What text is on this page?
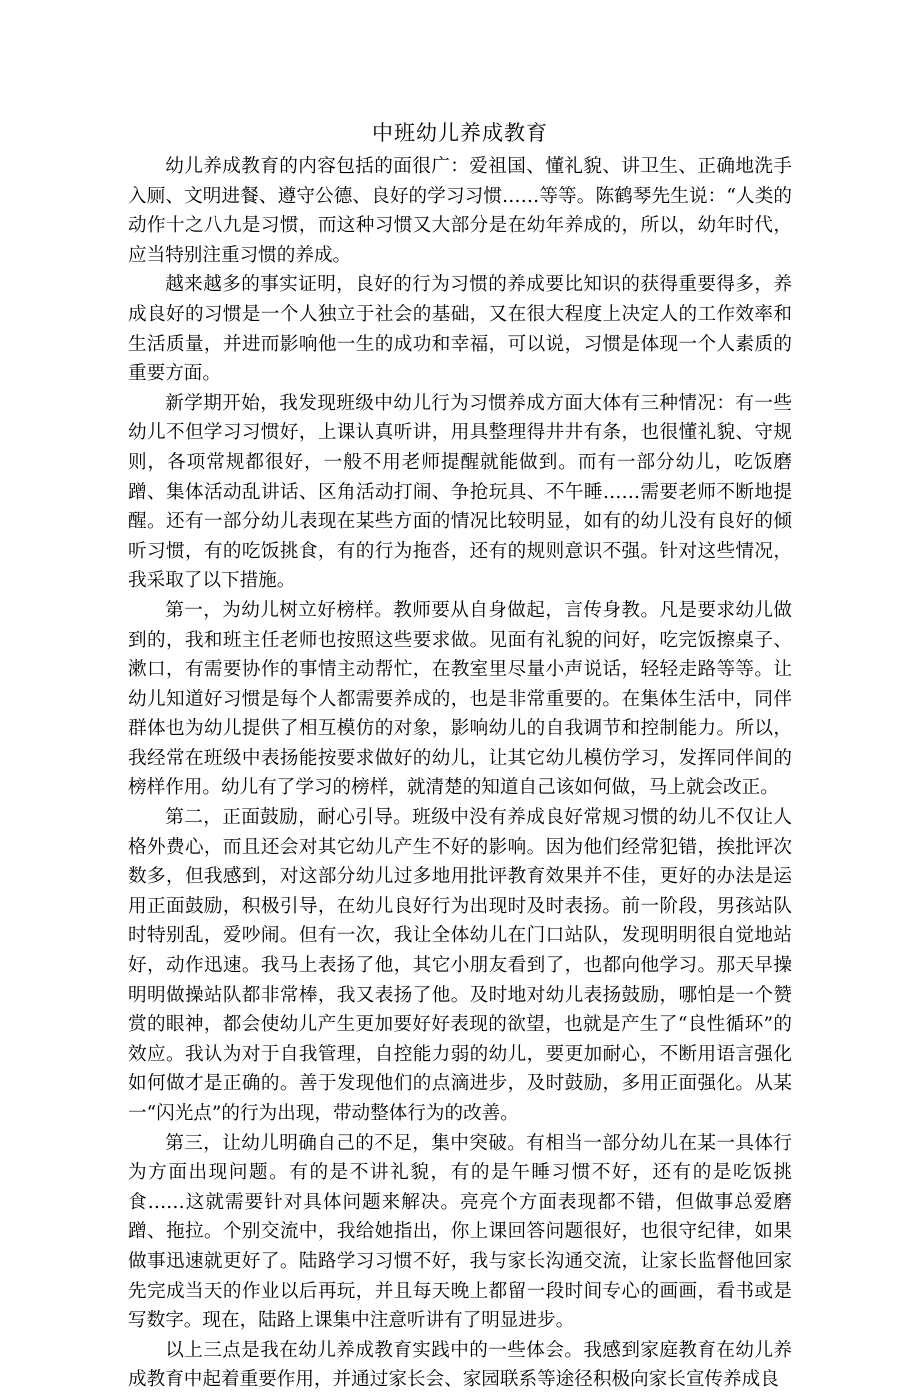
中班幼儿养成教育

幼儿养成教育的内容包括的面很广：爱祖国、懂礼貌、讲卫生、正确地洗手入厕、文明进餐、遵守公德、良好的学习习惯……等等。陈鹤琴先生说：“人类的动作十之八九是习惯，而这种习惯又大部分是在幼年养成的，所以，幼年时代，应当特别注重习惯的养成。

越来越多的事实证明，良好的行为习惯的养成要比知识的获得重要得多，养成良好的习惯是一个人独立于社会的基础，又在很大程度上决定人的工作效率和生活质量，并进而影响他一生的成功和幸福，可以说，习惯是体现一个人素质的重要方面。

新学期开始，我发现班级中幼儿行为习惯养成方面大体有三种情况：有一些幼儿不但学习习惯好，上课认真听讲，用具整理得井井有条，也很懂礼貌、守规则，各项常规都很好，一般不用老师提醒就能做到。而有一部分幼儿，吃饭磨蹭、集体活动乱讲话、区角活动打闹、争抢玩具、不午睡……需要老师不断地提醒。还有一部分幼儿表现在某些方面的情况比较明显，如有的幼儿没有良好的倾听习惯，有的吃饭挑食，有的行为拖沓，还有的规则意识不强。针对这些情况，我采取了以下措施。

第一，为幼儿树立好榜样。教师要从自身做起，言传身教。凡是要求幼儿做到的，我和班主任老师也按照这些要求做。见面有礼貌的问好，吃完饭擦桌子、漱口，有需要协作的事情主动帮忙，在教室里尽量小声说话，轻轻走路等等。让幼儿知道好习惯是每个人都需要养成的，也是非常重要的。在集体生活中，同伴群体也为幼儿提供了相互模仿的对象，影响幼儿的自我调节和控制能力。所以，我经常在班级中表扬能按要求做好的幼儿，让其它幼儿模仿学习，发挥同伴间的榜样作用。幼儿有了学习的榜样，就清楚的知道自己该如何做，马上就会改正。

第二，正面鼓励，耐心引导。班级中没有养成良好常规习惯的幼儿不仅让人格外费心，而且还会对其它幼儿产生不好的影响。因为他们经常犯错，挨批评次数多，但我感到，对这部分幼儿过多地用批评教育效果并不佳，更好的办法是运用正面鼓励，积极引导，在幼儿良好行为出现时及时表扬。前一阶段，男孩站队时特别乱，爱吵闹。但有一次，我让全体幼儿在门口站队，发现明明很自觉地站好，动作迅速。我马上表扬了他，其它小朋友看到了，也都向他学习。那天早操明明做操站队都非常棒，我又表扬了他。及时地对幼儿表扬鼓励，哪怕是一个赞赏的眼神，都会使幼儿产生更加要好好表现的欲望，也就是产生了“良性循环”的效应。我认为对于自我管理，自控能力弱的幼儿，要更加耐心，不断用语言强化如何做才是正确的。善于发现他们的点滴进步，及时鼓励，多用正面强化。从某一“闪光点”的行为出现，带动整体行为的改善。

第三，让幼儿明确自己的不足，集中突破。有相当一部分幼儿在某一具体行为方面出现问题。有的是不讲礼貌，有的是午睡习惯不好，还有的是吃饭挑食……这就需要针对具体问题来解决。亮亮个方面表现都不错，但做事总爱磨蹭、拖拉。个别交流中，我给她指出，你上课回答问题很好，也很守纪律，如果做事迅速就更好了。陆路学习习惯不好，我与家长沟通交流，让家长监督他回家先完成当天的作业以后再玩，并且每天晚上都留一段时间专心的画画，看书或是写数字。现在，陆路上课集中注意听讲有了明显进步。

以上三点是我在幼儿养成教育实践中的一些体会。我感到家庭教育在幼儿养成教育中起着重要作用，并通过家长会、家园联系等途径积极向家长宣传养成良
